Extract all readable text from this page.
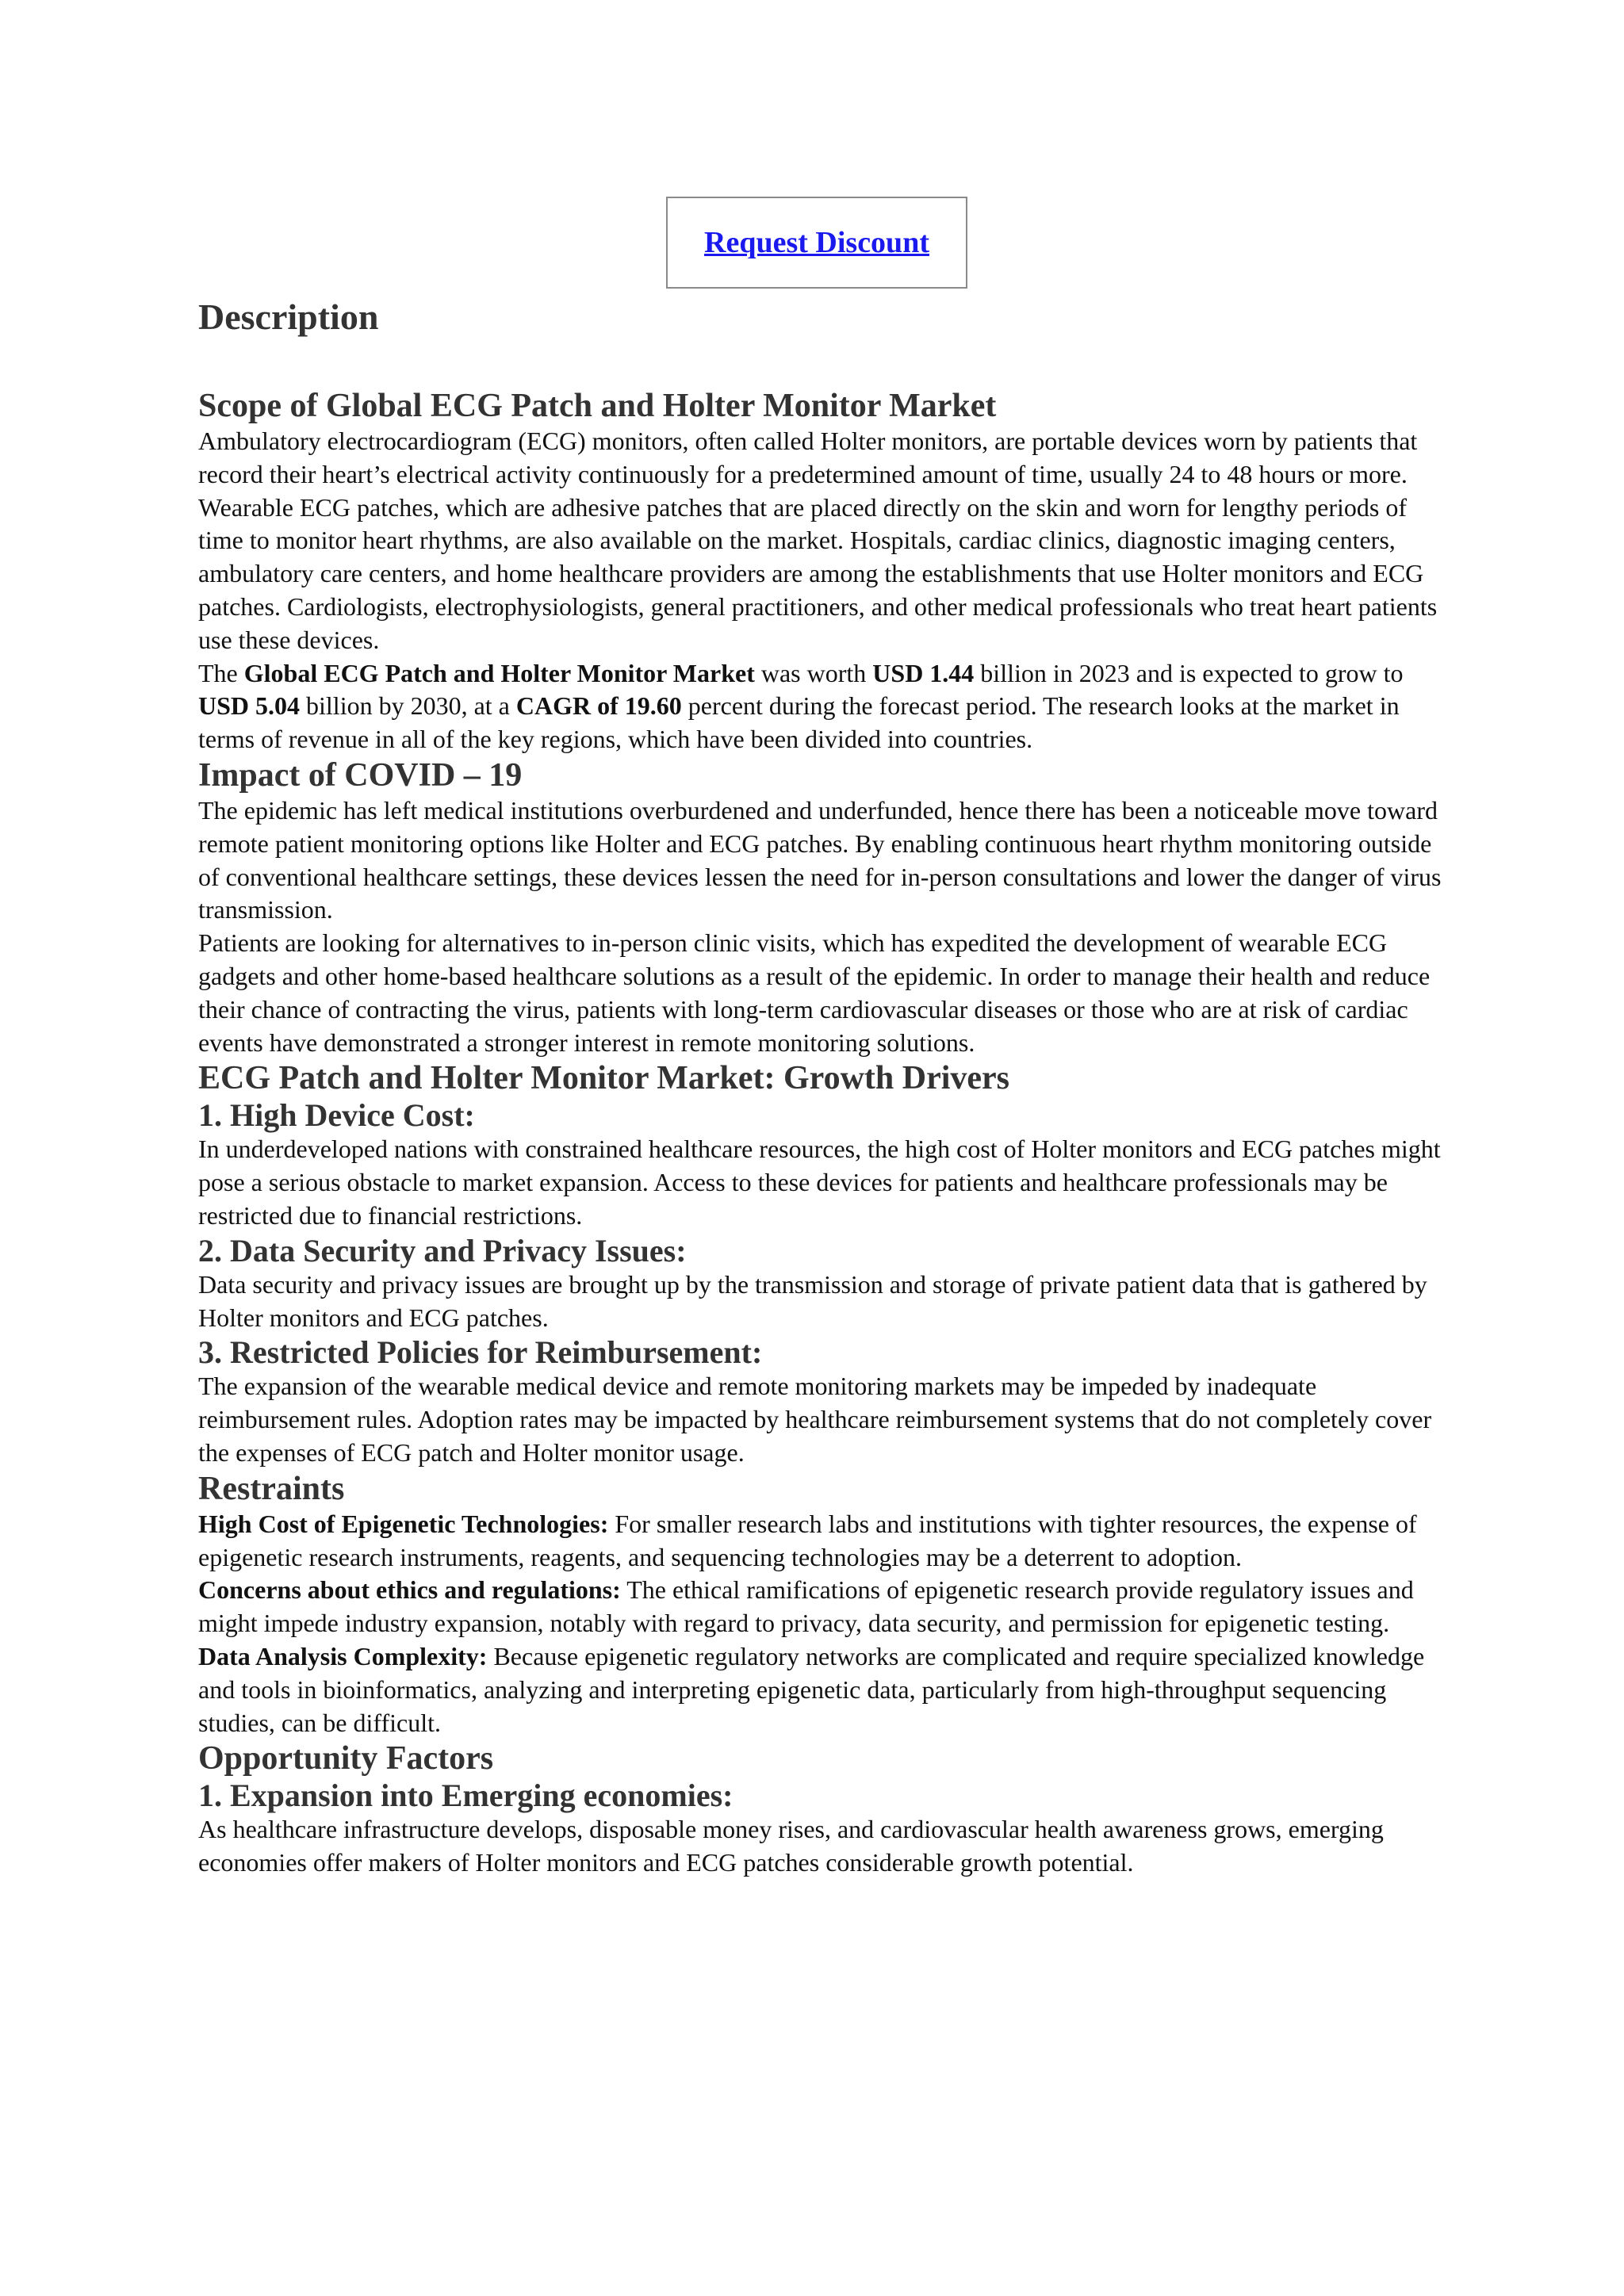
Request Discount
Description
Scope of Global ECG Patch and Holter Monitor Market

Ambulatory electrocardiogram (ECG) monitors, often called Holter monitors, are portable devices worn by patients that record their heart’s electrical activity continuously for a predetermined amount of time, usually 24 to 48 hours or more.

Wearable ECG patches, which are adhesive patches that are placed directly on the skin and worn for lengthy periods of time to monitor heart rhythms, are also available on the market. Hospitals, cardiac clinics, diagnostic imaging centers, ambulatory care centers, and home healthcare providers are among the establishments that use Holter monitors and ECG patches. Cardiologists, electrophysiologists, general practitioners, and other medical professionals who treat heart patients use these devices.

The Global ECG Patch and Holter Monitor Market was worth USD 1.44 billion in 2023 and is expected to grow to USD 5.04 billion by 2030, at a CAGR of 19.60 percent during the forecast period. The research looks at the market in terms of revenue in all of the key regions, which have been divided into countries.

Impact of COVID – 19

The epidemic has left medical institutions overburdened and underfunded, hence there has been a noticeable move toward remote patient monitoring options like Holter and ECG patches. By enabling continuous heart rhythm monitoring outside of conventional healthcare settings, these devices lessen the need for in-person consultations and lower the danger of virus transmission.

Patients are looking for alternatives to in-person clinic visits, which has expedited the development of wearable ECG gadgets and other home-based healthcare solutions as a result of the epidemic. In order to manage their health and reduce their chance of contracting the virus, patients with long-term cardiovascular diseases or those who are at risk of cardiac events have demonstrated a stronger interest in remote monitoring solutions.

ECG Patch and Holter Monitor Market: Growth Drivers
1. High Device Cost:

In underdeveloped nations with constrained healthcare resources, the high cost of Holter monitors and ECG patches might pose a serious obstacle to market expansion. Access to these devices for patients and healthcare professionals may be restricted due to financial restrictions.

2. Data Security and Privacy Issues:

Data security and privacy issues are brought up by the transmission and storage of private patient data that is gathered by Holter monitors and ECG patches.

3. Restricted Policies for Reimbursement:

The expansion of the wearable medical device and remote monitoring markets may be impeded by inadequate reimbursement rules. Adoption rates may be impacted by healthcare reimbursement systems that do not completely cover the expenses of ECG patch and Holter monitor usage.

Restraints

High Cost of Epigenetic Technologies: For smaller research labs and institutions with tighter resources, the expense of epigenetic research instruments, reagents, and sequencing technologies may be a deterrent to adoption.

Concerns about ethics and regulations: The ethical ramifications of epigenetic research provide regulatory issues and might impede industry expansion, notably with regard to privacy, data security, and permission for epigenetic testing.

Data Analysis Complexity: Because epigenetic regulatory networks are complicated and require specialized knowledge and tools in bioinformatics, analyzing and interpreting epigenetic data, particularly from high-throughput sequencing studies, can be difficult.

Opportunity Factors
1. Expansion into Emerging economies:

As healthcare infrastructure develops, disposable money rises, and cardiovascular health awareness grows, emerging economies offer makers of Holter monitors and ECG patches considerable growth potential.
